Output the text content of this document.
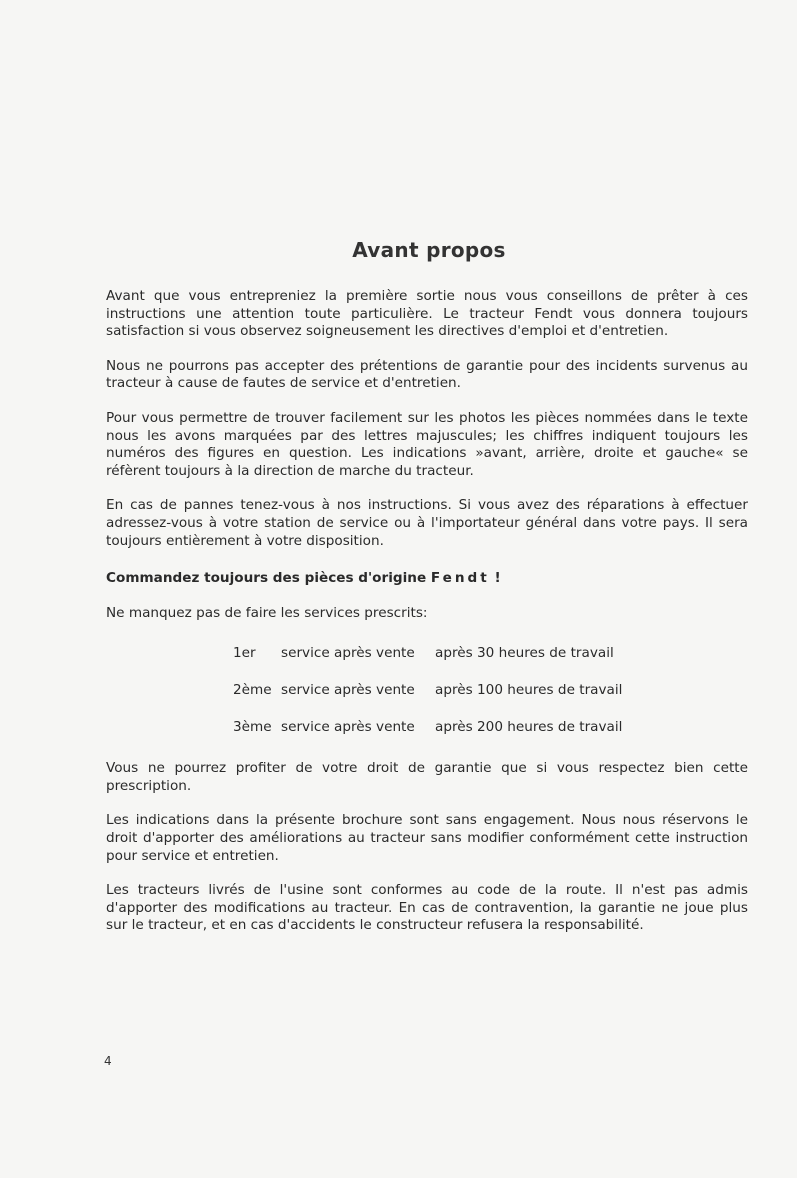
Avant propos

Avant que vous entrepreniez la première sortie nous vous conseillons de prêter à ces instructions une attention toute particulière. Le tracteur Fendt vous donnera toujours satisfaction si vous observez soigneusement les directives d'emploi et d'entretien.

Nous ne pourrons pas accepter des prétentions de garantie pour des incidents survenus au tracteur à cause de fautes de service et d'entretien.

Pour vous permettre de trouver facilement sur les photos les pièces nommées dans le texte nous les avons marquées par des lettres majuscules; les chiffres indiquent toujours les numéros des figures en question. Les indications »avant, arrière, droite et gauche« se réfèrent toujours à la direction de marche du tracteur.

En cas de pannes tenez-vous à nos instructions. Si vous avez des réparations à effectuer adressez-vous à votre station de service ou à l'importateur général dans votre pays. Il sera toujours entièrement à votre disposition.

Commandez toujours des pièces d'origine Fendt !
Ne manquez pas de faire les services prescrits:
1er	service après vente	après 30 heures de travail
2ème	service après vente	après 100 heures de travail
3ème	service après vente	après 200 heures de travail

Vous ne pourrez profiter de votre droit de garantie que si vous respectez bien cette prescription.

Les indications dans la présente brochure sont sans engagement. Nous nous réservons le droit d'apporter des améliorations au tracteur sans modifier conformément cette instruction pour service et entretien.

Les tracteurs livrés de l'usine sont conformes au code de la route. Il n'est pas admis d'apporter des modifications au tracteur. En cas de contravention, la garantie ne joue plus sur le tracteur, et en cas d'accidents le constructeur refusera la responsabilité.

4
